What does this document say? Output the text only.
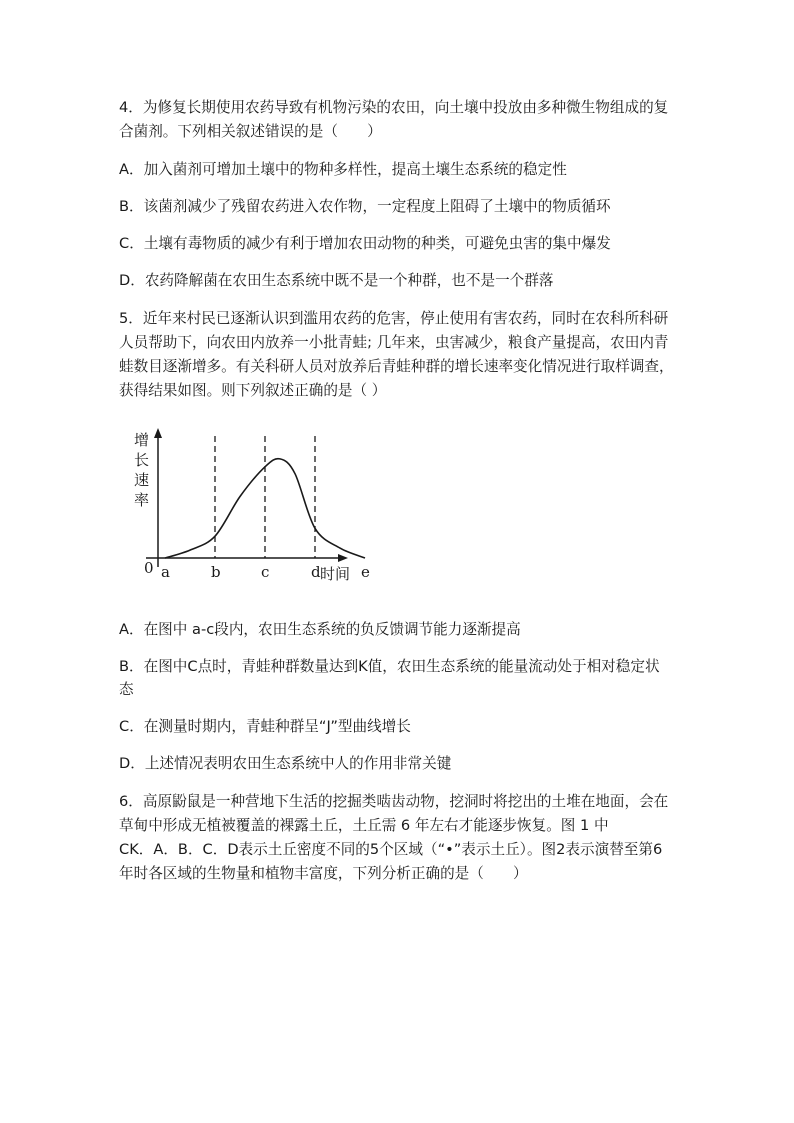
4．为修复长期使用农药导致有机物污染的农田，向土壤中投放由多种微生物组成的复
合菌剂。下列相关叙述错误的是（　　）
A．加入菌剂可增加土壤中的物种多样性，提高土壤生态系统的稳定性
B．该菌剂减少了残留农药进入农作物，一定程度上阻碍了土壤中的物质循环
C．土壤有毒物质的减少有利于增加农田动物的种类，可避免虫害的集中爆发
D．农药降解菌在农田生态系统中既不是一个种群，也不是一个群落
5．近年来村民已逐渐认识到滥用农药的危害，停止使用有害农药，同时在农科所科研
人员帮助下，向农田内放养一小批青蛙; 几年来，虫害减少，粮食产量提高，农田内青
蛙数目逐渐增多。有关科研人员对放养后青蛙种群的增长速率变化情况进行取样调查，
获得结果如图。则下列叙述正确的是（ ）
增
长
速
率
0	时间
a	b	c	d	e
A．在图中 a-c段内，农田生态系统的负反馈调节能力逐渐提高
B．在图中C点时，青蛙种群数量达到K值，农田生态系统的能量流动处于相对稳定状
态
C．在测量时期内，青蛙种群呈“J”型曲线增长
D．上述情况表明农田生态系统中人的作用非常关键
6．高原鼢鼠是一种营地下生活的挖掘类啮齿动物，挖洞时将挖出的土堆在地面，会在
草甸中形成无植被覆盖的裸露土丘，土丘需 6 年左右才能逐步恢复。图 1 中
CK．A．B．C．D表示土丘密度不同的5个区域（“•”表示土丘）。图2表示演替至第6
年时各区域的生物量和植物丰富度，下列分析正确的是（　　）
